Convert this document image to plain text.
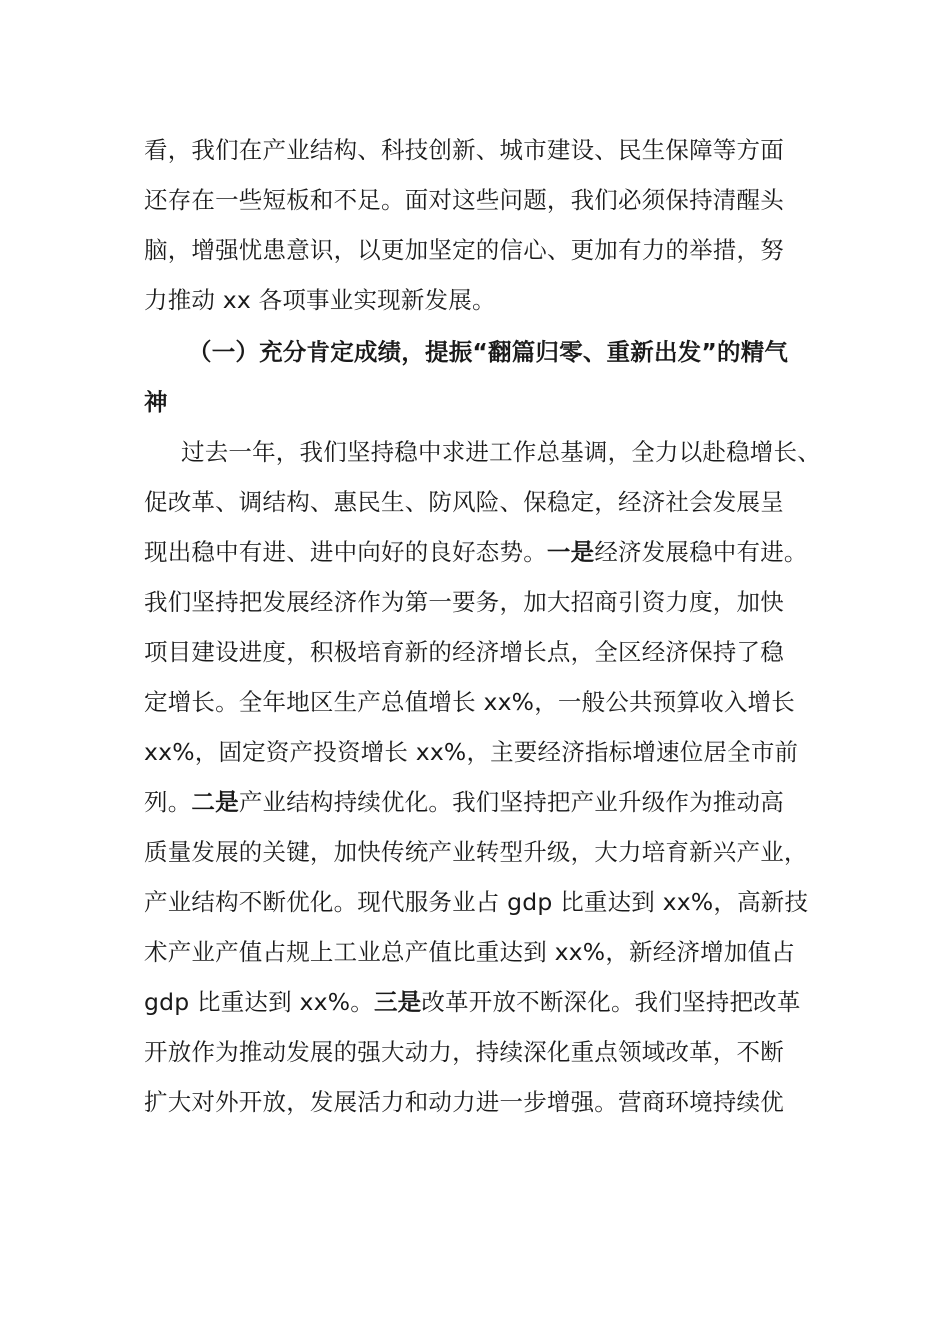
看，我们在产业结构、科技创新、城市建设、民生保障等方面
还存在一些短板和不足。面对这些问题，我们必须保持清醒头
脑，增强忧患意识，以更加坚定的信心、更加有力的举措，努
力推动 xx 各项事业实现新发展。
（一）充分肯定成绩，提振“翻篇归零、重新出发”的精气
神
过去一年，我们坚持稳中求进工作总基调，全力以赴稳增长、
促改革、调结构、惠民生、防风险、保稳定，经济社会发展呈
现出稳中有进、进中向好的良好态势。一是经济发展稳中有进。
我们坚持把发展经济作为第一要务，加大招商引资力度，加快
项目建设进度，积极培育新的经济增长点，全区经济保持了稳
定增长。全年地区生产总值增长 xx%，一般公共预算收入增长
xx%，固定资产投资增长 xx%，主要经济指标增速位居全市前
列。二是产业结构持续优化。我们坚持把产业升级作为推动高
质量发展的关键，加快传统产业转型升级，大力培育新兴产业，
产业结构不断优化。现代服务业占 gdp 比重达到 xx%，高新技
术产业产值占规上工业总产值比重达到 xx%，新经济增加值占
gdp 比重达到 xx%。三是改革开放不断深化。我们坚持把改革
开放作为推动发展的强大动力，持续深化重点领域改革，不断
扩大对外开放，发展活力和动力进一步增强。营商环境持续优
